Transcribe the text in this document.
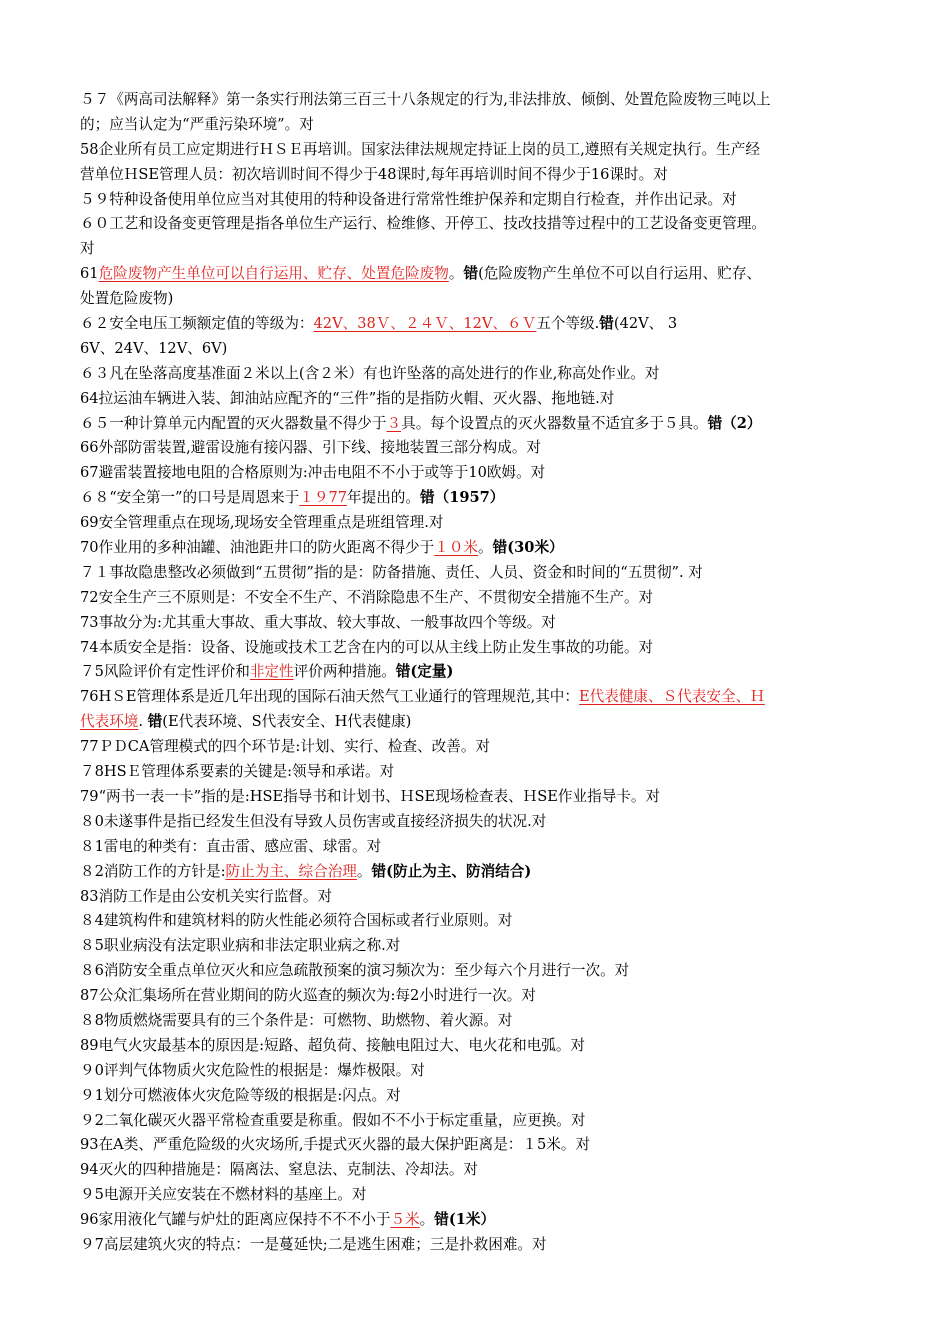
５７《两高司法解释》第一条实行刑法第三百三十八条规定的行为,非法排放、倾倒、处置危险废物三吨以上
的；应当认定为“严重污染环境”。对
58企业所有员工应定期进行ＨＳＥ再培训。国家法律法规规定持证上岗的员工,遵照有关规定执行。生产经
营单位ＨSE管理人员：初次培训时间不得少于48课时,每年再培训时间不得少于16课时。对
５９特种设备使用单位应当对其使用的特种设备进行常常性维护保养和定期自行检查，并作出记录。对
６０工艺和设备变更管理是指各单位生产运行、检维修、开停工、技改技措等过程中的工艺设备变更管理。
对
61危险废物产生单位可以自行运用、贮存、处置危险废物。错(危险废物产生单位不可以自行运用、贮存、
处置危险废物)
６２安全电压工频额定值的等级为：42V、38Ｖ、２４Ｖ、12V、６Ｖ五个等级.错(42V、 3
6V、24V、12V、6V)
６３凡在坠落高度基准面２米以上(含２米）有也许坠落的高处进行的作业,称高处作业。对
64拉运油车辆进入装、卸油站应配齐的“三件”指的是指防火帽、灭火器、拖地链.对
６５一种计算单元内配置的灭火器数量不得少于３具。每个设置点的灭火器数量不适宜多于５具。错（2）
66外部防雷装置,避雷设施有接闪器、引下线、接地装置三部分构成。对
67避雷装置接地电阻的合格原则为:冲击电阻不不小于或等于10欧姆。对
６８“安全第一”的口号是周恩来于１９77年提出的。错（1957）
69安全管理重点在现场,现场安全管理重点是班组管理.对
70作业用的多种油罐、油池距井口的防火距离不得少于１０米。错(30米）
７１事故隐患整改必须做到“五贯彻”指的是：防备措施、责任、人员、资金和时间的“五贯彻”. 对
72安全生产三不原则是：不安全不生产、不消除隐患不生产、不贯彻安全措施不生产。对
73事故分为:尤其重大事故、重大事故、较大事故、一般事故四个等级。对
74本质安全是指：设备、设施或技术工艺含在内的可以从主线上防止发生事故的功能。对
７5风险评价有定性评价和非定性评价两种措施。错(定量)
76HＳE管理体系是近几年出现的国际石油天然气工业通行的管理规范,其中：E代表健康、Ｓ代表安全、Ｈ
代表环境. 错(E代表环境、S代表安全、H代表健康)
77ＰＤCA管理模式的四个环节是:计划、实行、检查、改善。对
７8HSＥ管理体系要素的关键是:领导和承诺。对
79“两书一表一卡”指的是:HSE指导书和计划书、ＨSE现场检查表、ＨSE作业指导卡。对
８0未遂事件是指已经发生但没有导致人员伤害或直接经济损失的状况.对
８1雷电的种类有：直击雷、感应雷、球雷。对
８2消防工作的方针是:防止为主、综合治理。错(防止为主、防消结合)
83消防工作是由公安机关实行监督。对
８4建筑构件和建筑材料的防火性能必须符合国标或者行业原则。对
８5职业病没有法定职业病和非法定职业病之称.对
８6消防安全重点单位灭火和应急疏散预案的演习频次为：至少每六个月进行一次。对
87公众汇集场所在营业期间的防火巡查的频次为:每2小时进行一次。对
８8物质燃烧需要具有的三个条件是：可燃物、助燃物、着火源。对
89电气火灾最基本的原因是:短路、超负荷、接触电阻过大、电火花和电弧。对
９0评判气体物质火灾危险性的根据是：爆炸极限。对
９1划分可燃液体火灾危险等级的根据是:闪点。对
９2二氧化碳灭火器平常检查重要是称重。假如不不小于标定重量，应更换。对
93在A类、严重危险级的火灾场所,手提式灭火器的最大保护距离是：１5米。对
94灭火的四种措施是：隔离法、窒息法、克制法、冷却法。对
９5电源开关应安装在不燃材料的基座上。对
96家用液化气罐与炉灶的距离应保持不不不小于５米。错(1米）
９7高层建筑火灾的特点：一是蔓延快;二是逃生困难；三是扑救困难。对
